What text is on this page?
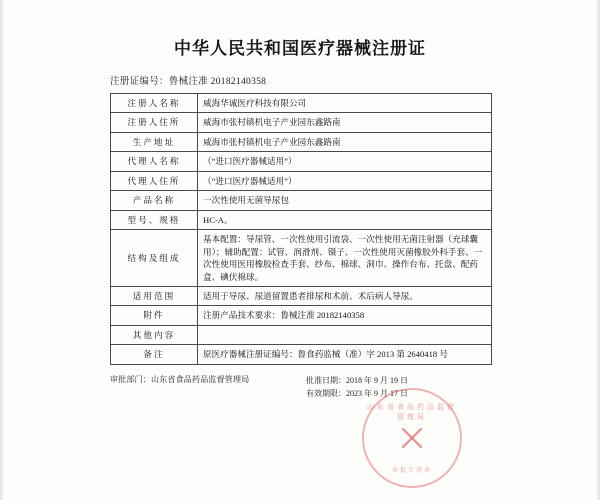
中华人民共和国医疗器械注册证
注册证编号：鲁械注准 20182140358
注册人名称	威海华诚医疗科技有限公司
注册人住所	威海市张村镇机电子产业园东鑫路南
生产地址	威海市张村镇机电子产业园东鑫路南
代理人名称	（“进口医疗器械适用”）
代理人住所	（“进口医疗器械适用”）
产品名称	一次性使用无菌导尿包
型号、规格	HC-A。
结构及组成	基本配置：导尿管、一次性使用引流袋、一次性使用无菌注射器（充球囊用）；辅助配置：试管、润滑剂、镊子、一次性使用灭菌橡胶外科手套、一次性使用医用橡胶检查手套、纱布、棉球、洞巾、操作台布、托盘、配药盒、碘伏棉球。
适用范围	适用于导尿、尿道留置患者排尿和术前、术后病人导尿。
附件	注册产品技术要求：鲁械注准 20182140358
其他内容	
备注	原医疗器械注册证编号：鲁食药监械（准）字 2013 第 2640418 号
审批部门：山东省食品药品监督管理局	批准日期：2018 年 9 月 19 日
有效期限：2023 年 9 月 17 日
山东省食品药品监督管理局
审批专用章
